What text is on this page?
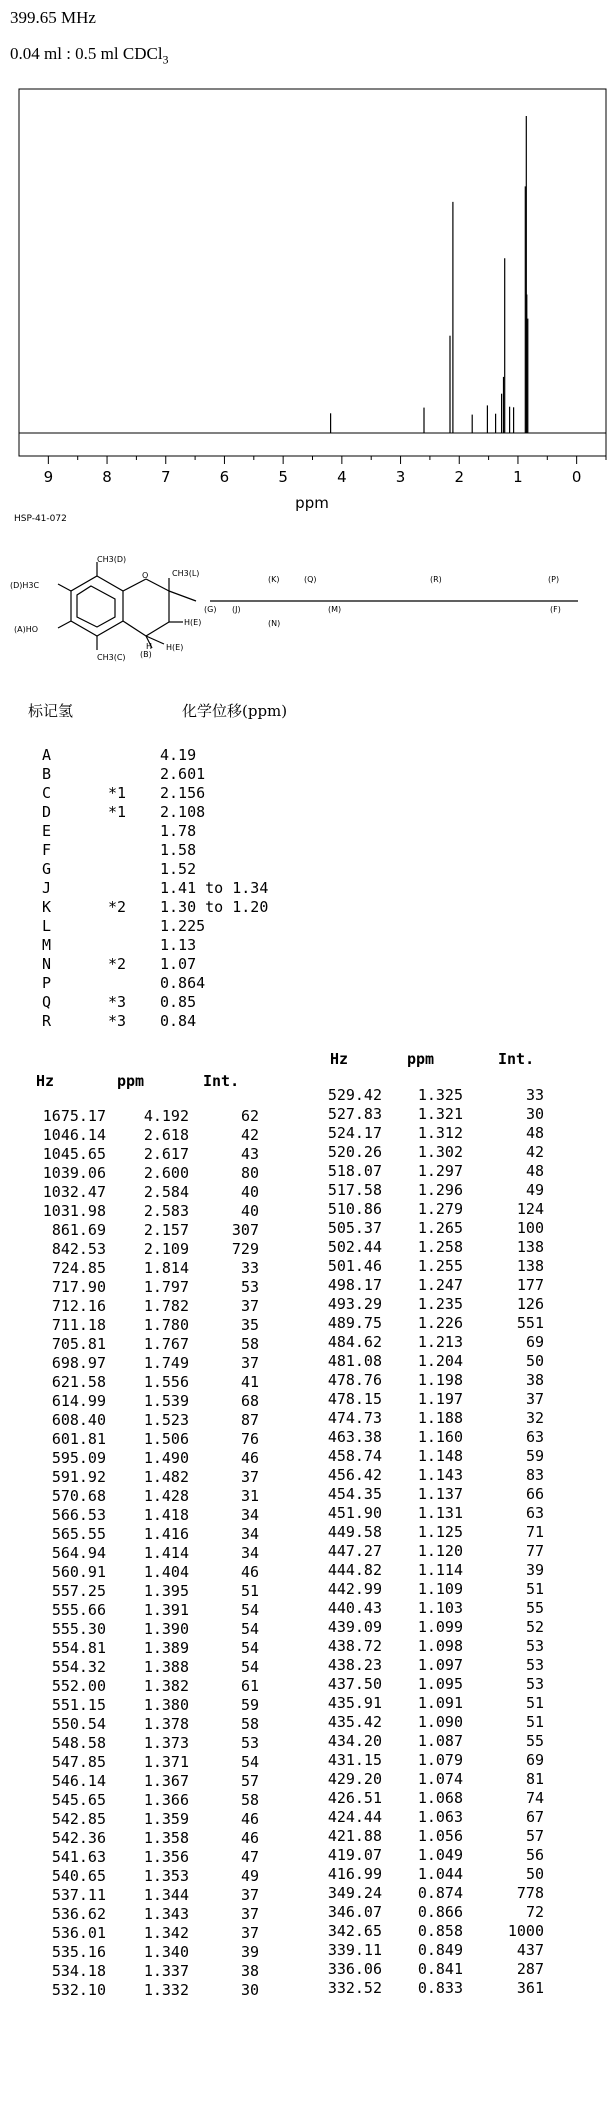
399.65 MHz
0.04 ml : 0.5 ml CDCl$_3$
9	8	7	6	5	4	3	2	1	0
ppm
HSP-41-072
CH3(D)
(D)H3C
(A)HO
CH3(C)
O	CH3(L)
H(E)
H(E)
(B)
H
(G) (J)
(K)	(Q)
(M)
(N)
(R)	(P)
(F)
标记氢	化学位移(ppm)
A	4.19
B	2.601
C	*1 2.156
D	*1 2.108
E	1.78
F	1.58
G	1.52
J	1.41 to 1.34
K	*2 1.30 to 1.20
L	1.225
M	1.13
N	*2 1.07
P	0.864
Q	*3 0.85
R	*3 0.84
Hz	ppm	Int.
1675.17	4.192	62
1046.14	2.618	42
1045.65	2.617	43
1039.06	2.600	80
1032.47	2.584	40
1031.98	2.583	40
861.69	2.157	307
842.53	2.109	729
724.85	1.814	33
717.90	1.797	53
712.16	1.782	37
711.18	1.780	35
705.81	1.767	58
698.97	1.749	37
621.58	1.556	41
614.99	1.539	68
608.40	1.523	87
601.81	1.506	76
595.09	1.490	46
591.92	1.482	37
570.68	1.428	31
566.53	1.418	34
565.55	1.416	34
564.94	1.414	34
560.91	1.404	46
557.25	1.395	51
555.66	1.391	54
555.30	1.390	54
554.81	1.389	54
554.32	1.388	54
552.00	1.382	61
551.15	1.380	59
550.54	1.378	58
548.58	1.373	53
547.85	1.371	54
546.14	1.367	57
545.65	1.366	58
542.85	1.359	46
542.36	1.358	46
541.63	1.356	47
540.65	1.353	49
537.11	1.344	37
536.62	1.343	37
536.01	1.342	37
535.16	1.340	39
534.18	1.337	38
532.10	1.332	30
Hz	ppm	Int.
529.42	1.325	33
527.83	1.321	30
524.17	1.312	48
520.26	1.302	42
518.07	1.297	48
517.58	1.296	49
510.86	1.279	124
505.37	1.265	100
502.44	1.258	138
501.46	1.255	138
498.17	1.247	177
493.29	1.235	126
489.75	1.226	551
484.62	1.213	69
481.08	1.204	50
478.76	1.198	38
478.15	1.197	37
474.73	1.188	32
463.38	1.160	63
458.74	1.148	59
456.42	1.143	83
454.35	1.137	66
451.90	1.131	63
449.58	1.125	71
447.27	1.120	77
444.82	1.114	39
442.99	1.109	51
440.43	1.103	55
439.09	1.099	52
438.72	1.098	53
438.23	1.097	53
437.50	1.095	53
435.91	1.091	51
435.42	1.090	51
434.20	1.087	55
431.15	1.079	69
429.20	1.074	81
426.51	1.068	74
424.44	1.063	67
421.88	1.056	57
419.07	1.049	56
416.99	1.044	50
349.24	0.874	778
346.07	0.866	72
342.65	0.858	1000
339.11	0.849	437
336.06	0.841	287
332.52	0.833	361
